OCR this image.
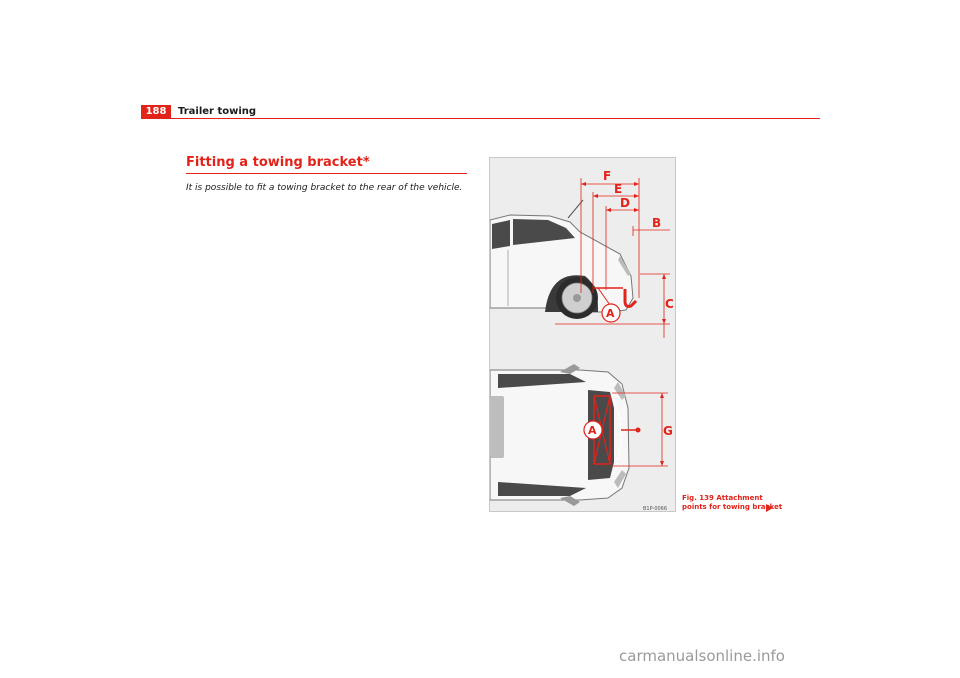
188	Trailer towing
Fitting a towing bracket*
It is possible to fit a towing bracket to the rear of the vehicle.
F
E
D
B
C
A
G
A
B1P-0066
Fig. 139 Attachment
points for towing bracket
carmanualsonline.info
